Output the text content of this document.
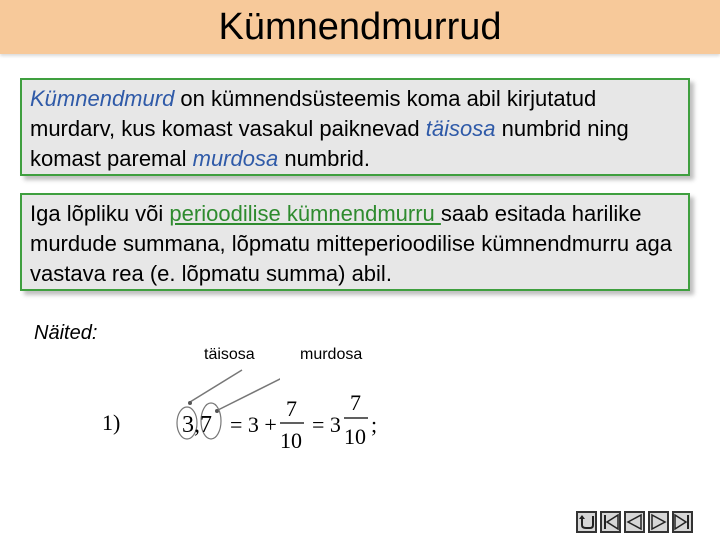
Kümnendmurrud
Kümnendmurd on kümnendsüsteemis koma abil kirjutatud murdarv, kus komast vasakul paiknevad täisosa numbrid ning komast paremal murdosa numbrid.
Iga lõpliku või perioodilise kümnendmurru saab esitada harilike murdude summana, lõpmatu mitteperioodilise kümnendmurru aga vastava rea (e. lõpmatu summa) abil.
Näited:
täisosa	murdosa
1)	3,7 = 3 +
7
10
= 3
7
10 ;
